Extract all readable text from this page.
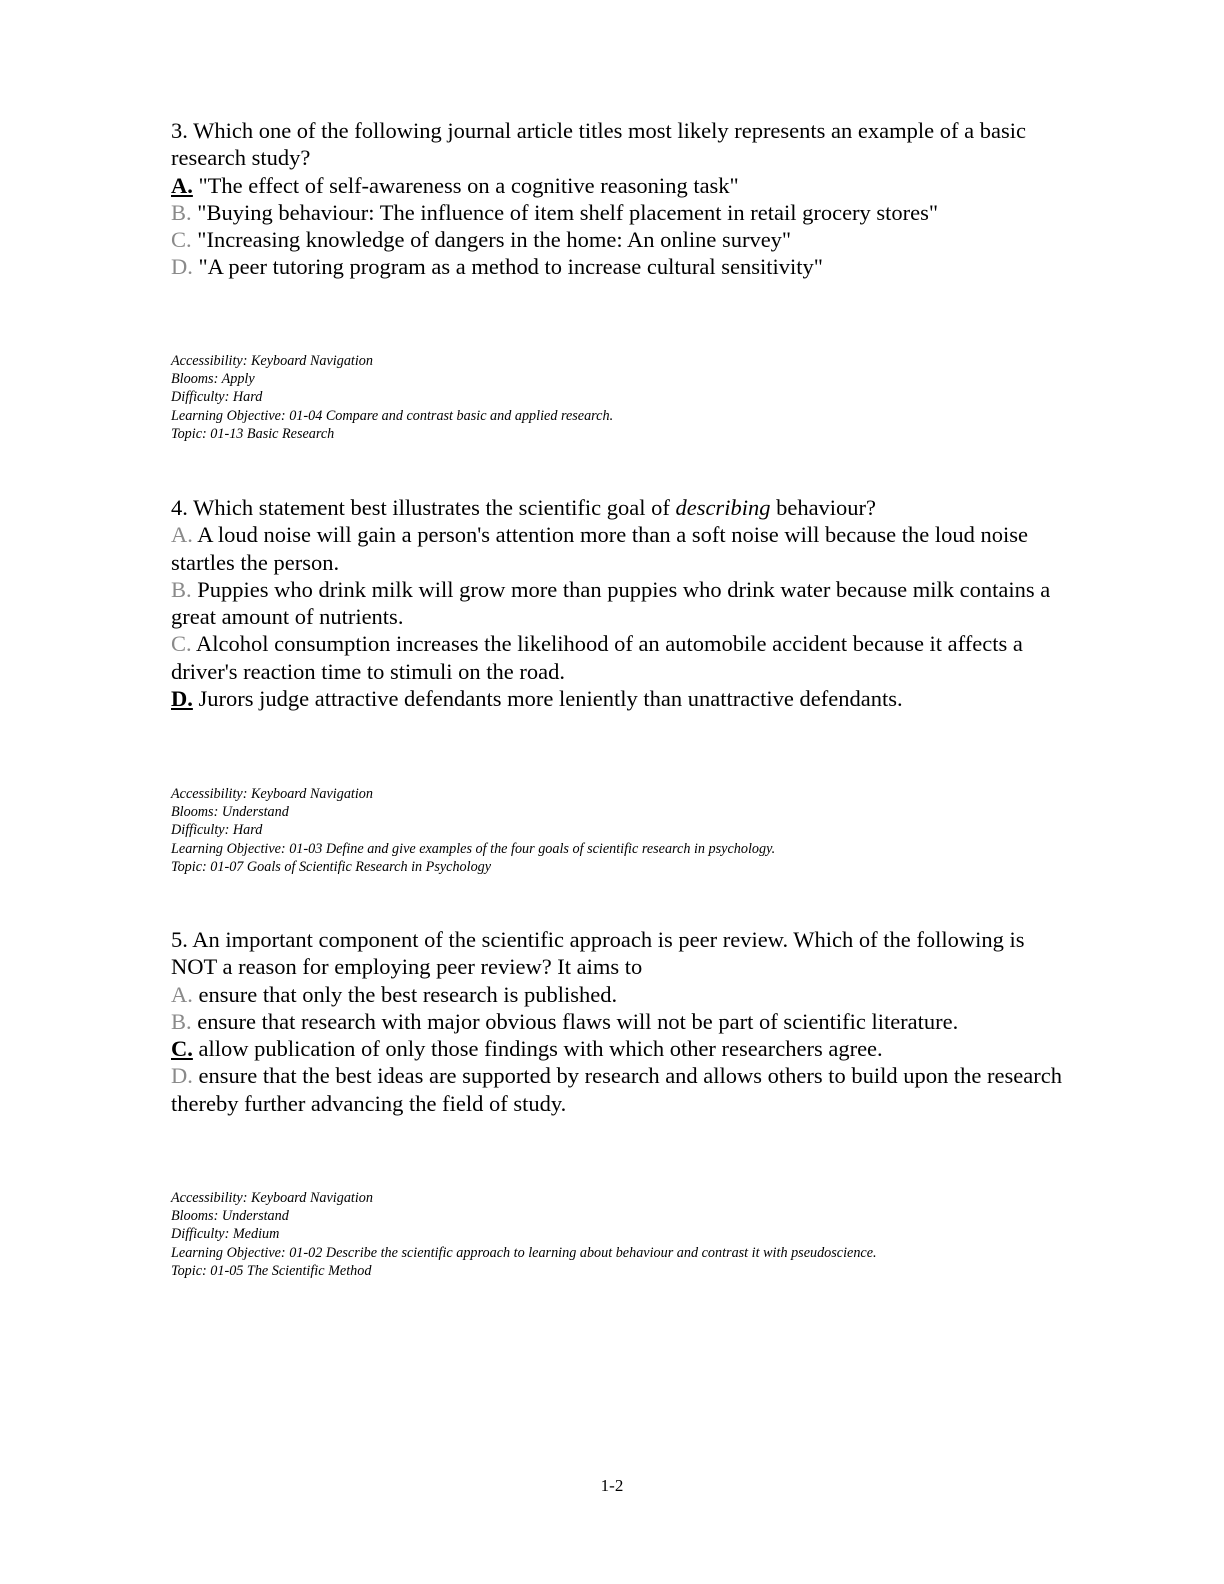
3. Which one of the following journal article titles most likely represents an example of a basic research study?

A. "The effect of self-awareness on a cognitive reasoning task"

B. "Buying behaviour: The influence of item shelf placement in retail grocery stores"

C. "Increasing knowledge of dangers in the home: An online survey"

D. "A peer tutoring program as a method to increase cultural sensitivity"

Accessibility: Keyboard Navigation
Blooms: Apply
Difficulty: Hard
Learning Objective: 01-04 Compare and contrast basic and applied research.
Topic: 01-13 Basic Research

4. Which statement best illustrates the scientific goal of describing behaviour?

A. A loud noise will gain a person's attention more than a soft noise will because the loud noise startles the person.

B. Puppies who drink milk will grow more than puppies who drink water because milk contains a great amount of nutrients.

C. Alcohol consumption increases the likelihood of an automobile accident because it affects a driver's reaction time to stimuli on the road.

D. Jurors judge attractive defendants more leniently than unattractive defendants.

Accessibility: Keyboard Navigation
Blooms: Understand
Difficulty: Hard
Learning Objective: 01-03 Define and give examples of the four goals of scientific research in psychology.
Topic: 01-07 Goals of Scientific Research in Psychology

5. An important component of the scientific approach is peer review. Which of the following is NOT a reason for employing peer review? It aims to

A. ensure that only the best research is published.

B. ensure that research with major obvious flaws will not be part of scientific literature.

C. allow publication of only those findings with which other researchers agree.

D. ensure that the best ideas are supported by research and allows others to build upon the research thereby further advancing the field of study.

Accessibility: Keyboard Navigation
Blooms: Understand
Difficulty: Medium
Learning Objective: 01-02 Describe the scientific approach to learning about behaviour and contrast it with pseudoscience.
Topic: 01-05 The Scientific Method
1-2
